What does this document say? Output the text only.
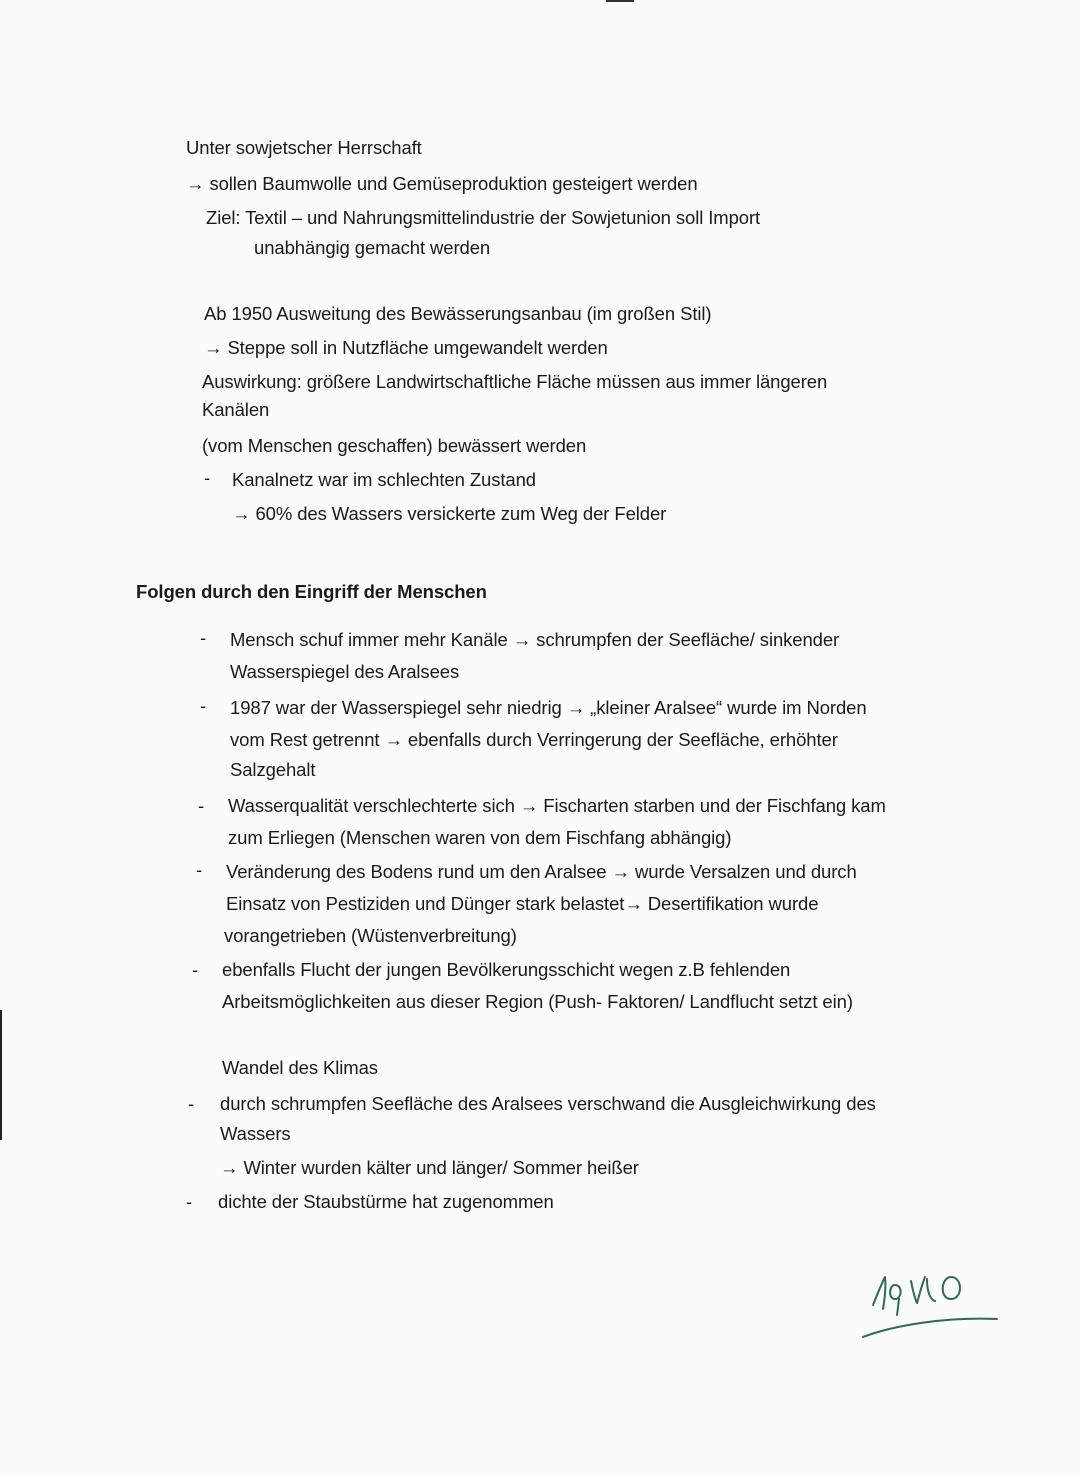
Unter sowjetscher Herrschaft
→ sollen Baumwolle und Gemüseproduktion gesteigert werden
Ziel: Textil – und Nahrungsmittelindustrie der Sowjetunion soll Import
unabhängig gemacht werden
Ab 1950 Ausweitung des Bewässerungsanbau (im großen Stil)
→ Steppe soll in Nutzfläche umgewandelt werden
Auswirkung: größere Landwirtschaftliche Fläche müssen aus immer längeren
Kanälen
(vom Menschen geschaffen) bewässert werden
- Kanalnetz war im schlechten Zustand
→ 60% des Wassers versickerte zum Weg der Felder
Folgen durch den Eingriff der Menschen
- Mensch schuf immer mehr Kanäle → schrumpfen der Seefläche/ sinkender
Wasserspiegel des Aralsees
- 1987 war der Wasserspiegel sehr niedrig → „kleiner Aralsee“ wurde im Norden
vom Rest getrennt → ebenfalls durch Verringerung der Seefläche, erhöhter
Salzgehalt
- Wasserqualität verschlechterte sich → Fischarten starben und der Fischfang kam
zum Erliegen (Menschen waren von dem Fischfang abhängig)
- Veränderung des Bodens rund um den Aralsee → wurde Versalzen und durch
Einsatz von Pestiziden und Dünger stark belastet→ Desertifikation wurde
vorangetrieben (Wüstenverbreitung)
- ebenfalls Flucht der jungen Bevölkerungsschicht wegen z.B fehlenden
Arbeitsmöglichkeiten aus dieser Region (Push- Faktoren/ Landflucht setzt ein)
Wandel des Klimas
- durch schrumpfen Seefläche des Aralsees verschwand die Ausgleichwirkung des
Wassers
→ Winter wurden kälter und länger/ Sommer heißer
- dichte der Staubstürme hat zugenommen
